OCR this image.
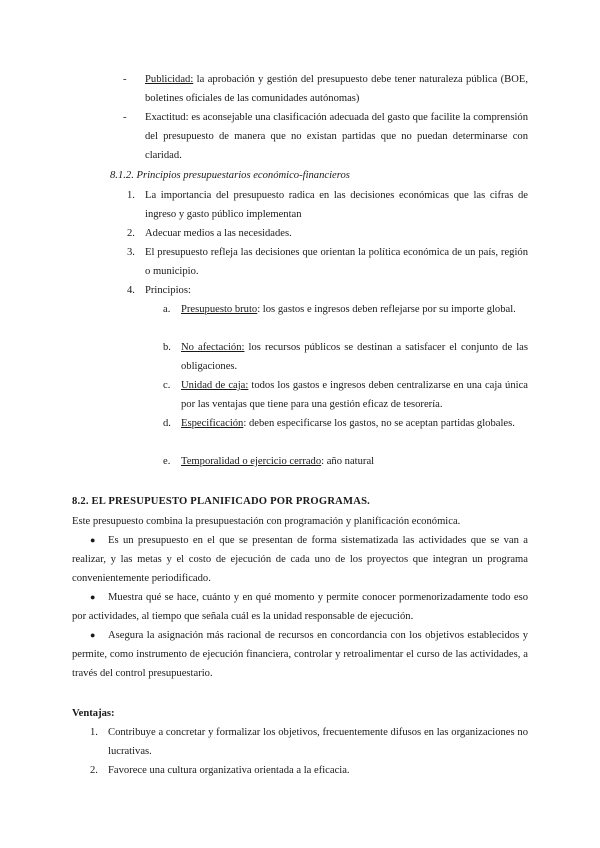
-	Publicidad: la aprobación y gestión del presupuesto debe tener naturaleza pública (BOE, boletines oficiales de las comunidades autónomas)
-	Exactitud: es aconsejable una clasificación adecuada del gasto que facilite la comprensión del presupuesto de manera que no existan partidas que no puedan determinarse con claridad.
8.1.2. Principios presupuestarios económico-financieros
1. La importancia del presupuesto radica en las decisiones económicas que las cifras de ingreso y gasto público implementan
2. Adecuar medios a las necesidades.
3. El presupuesto refleja las decisiones que orientan la política económica de un país, región o municipio.
4. Principios:
a.	Presupuesto bruto: los gastos e ingresos deben reflejarse por su importe global.
b. No afectación: los recursos públicos se destinan a satisfacer el conjunto de las obligaciones.
c.	Unidad de caja: todos los gastos e ingresos deben centralizarse en una caja única por las ventajas que tiene para una gestión eficaz de tesorería.
d. Especificación: deben especificarse los gastos, no se aceptan partidas globales.
e.	Temporalidad o ejercicio cerrado: año natural
8.2. EL PRESUPUESTO PLANIFICADO POR PROGRAMAS.
Este presupuesto combina la presupuestación con programación y planificación económica.
●	Es un presupuesto en el que se presentan de forma sistematizada las actividades que se van a realizar, y las metas y el costo de ejecución de cada uno de los proyectos que integran un programa convenientemente periodificado.
●	Muestra qué se hace, cuánto y en qué momento y permite conocer pormenorizadamente todo eso por actividades, al tiempo que señala cuál es la unidad responsable de ejecución.
●	Asegura la asignación más racional de recursos en concordancia con los objetivos establecidos y permite, como instrumento de ejecución financiera, controlar y retroalimentar el curso de las actividades, a través del control presupuestario.
Ventajas:
1. Contribuye a concretar y formalizar los objetivos, frecuentemente difusos en las organizaciones no lucrativas.
2. Favorece una cultura organizativa orientada a la eficacia.
